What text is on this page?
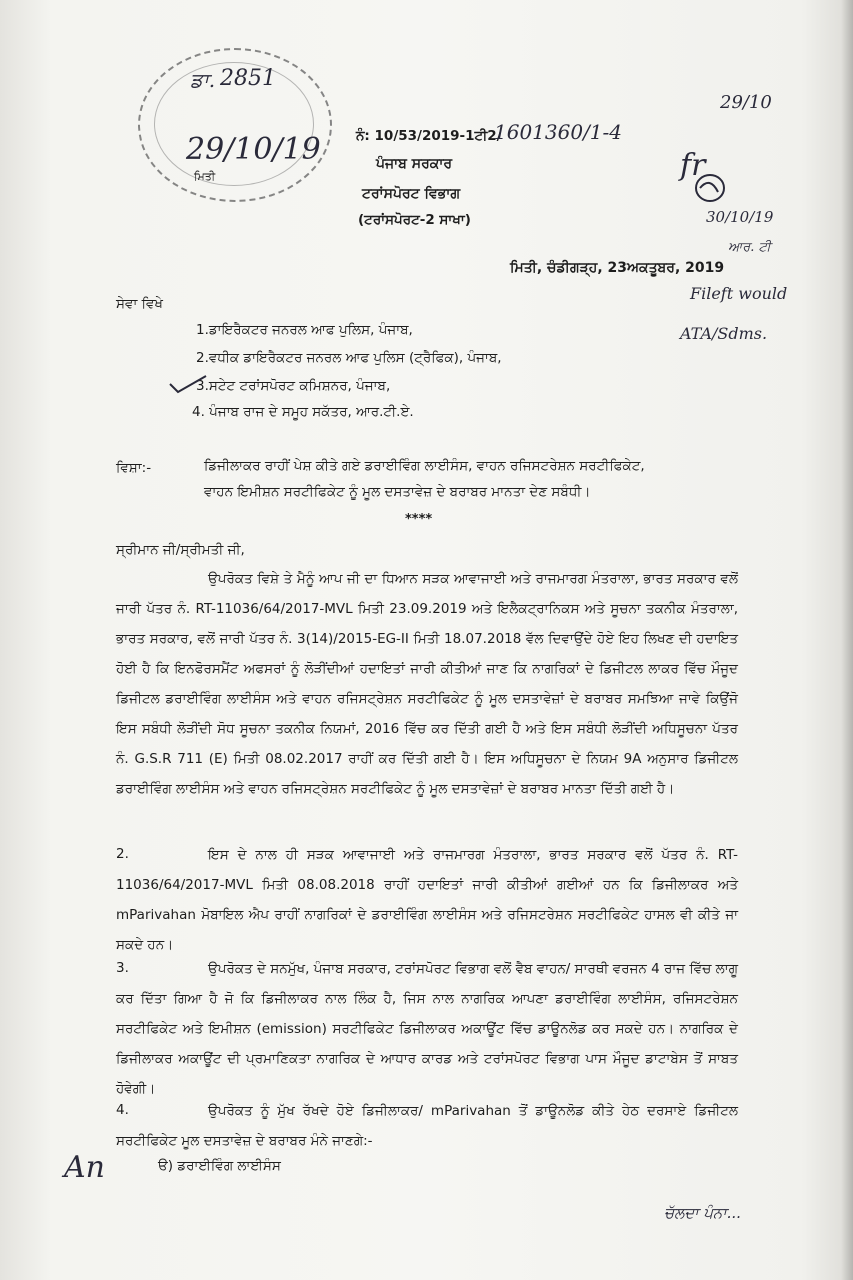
ਡਾ. 2851
29/10/19
ਮਿਤੀ
ਨੰ: 10/53/2019-1ਟੀ2/
1601360/1-4
ਪੰਜਾਬ ਸਰਕਾਰ
ਟਰਾਂਸਪੋਰਟ ਵਿਭਾਗ
(ਟਰਾਂਸਪੋਰਟ-2 ਸਾਖਾ)
29/10
fr
30/10/19
ਆਰ. ਟੀ
Fileft would
ATA/Sdms.
ਮਿਤੀ, ਚੰਡੀਗੜ੍ਹ, 23ਅਕਤੂਬਰ, 2019
ਸੇਵਾ ਵਿਖੇ
1.ਡਾਇਰੈਕਟਰ ਜਨਰਲ ਆਫ ਪੁਲਿਸ, ਪੰਜਾਬ,
2.ਵਧੀਕ ਡਾਇਰੈਕਟਰ ਜਨਰਲ ਆਫ ਪੁਲਿਸ (ਟ੍ਰੈਫਿਕ), ਪੰਜਾਬ,
3.ਸਟੇਟ ਟਰਾਂਸਪੋਰਟ ਕਮਿਸ਼ਨਰ, ਪੰਜਾਬ,
4. ਪੰਜਾਬ ਰਾਜ ਦੇ ਸਮੂਹ ਸਕੱਤਰ, ਆਰ.ਟੀ.ਏ.
ਵਿਸ਼ਾ:-	ਡਿਜੀਲਾਕਰ ਰਾਹੀਂ ਪੇਸ਼ ਕੀਤੇ ਗਏ ਡਰਾਈਵਿੰਗ ਲਾਈਸੰਸ, ਵਾਹਨ ਰਜਿਸਟਰੇਸ਼ਨ ਸਰਟੀਫਿਕੇਟ,
ਵਾਹਨ ਇਮੀਸ਼ਨ ਸਰਟੀਫਿਕੇਟ ਨੂੰ ਮੂਲ ਦਸਤਾਵੇਜ਼ ਦੇ ਬਰਾਬਰ ਮਾਨਤਾ ਦੇਣ ਸਬੰਧੀ।
****
ਸ੍ਰੀਮਾਨ ਜੀ/ਸ੍ਰੀਮਤੀ ਜੀ,
ਉਪਰੋਕਤ ਵਿਸ਼ੇ ਤੇ ਮੈਨੂੰ ਆਪ ਜੀ ਦਾ ਧਿਆਨ ਸੜਕ ਆਵਾਜਾਈ ਅਤੇ ਰਾਜਮਾਰਗ ਮੰਤਰਾਲਾ, ਭਾਰਤ ਸਰਕਾਰ ਵਲੋਂ ਜਾਰੀ ਪੱਤਰ ਨੰ. RT-11036/64/2017-MVL ਮਿਤੀ 23.09.2019 ਅਤੇ ਇਲੈਕਟ੍ਰਾਨਿਕਸ ਅਤੇ ਸੂਚਨਾ ਤਕਨੀਕ ਮੰਤਰਾਲਾ, ਭਾਰਤ ਸਰਕਾਰ, ਵਲੋਂ ਜਾਰੀ ਪੱਤਰ ਨੰ. 3(14)/2015-EG-II ਮਿਤੀ 18.07.2018 ਵੱਲ ਦਿਵਾਉਂਦੇ ਹੋਏ ਇਹ ਲਿਖਣ ਦੀ ਹਦਾਇਤ ਹੋਈ ਹੈ ਕਿ ਇਨਫੋਰਸਮੈਂਟ ਅਫਸਰਾਂ ਨੂੰ ਲੋੜੀਂਦੀਆਂ ਹਦਾਇਤਾਂ ਜਾਰੀ ਕੀਤੀਆਂ ਜਾਣ ਕਿ ਨਾਗਰਿਕਾਂ ਦੇ ਡਿਜੀਟਲ ਲਾਕਰ ਵਿੱਚ ਮੌਜੂਦ ਡਿਜੀਟਲ ਡਰਾਈਵਿੰਗ ਲਾਈਸੰਸ ਅਤੇ ਵਾਹਨ ਰਜਿਸਟ੍ਰੇਸ਼ਨ ਸਰਟੀਫਿਕੇਟ ਨੂੰ ਮੂਲ ਦਸਤਾਵੇਜ਼ਾਂ ਦੇ ਬਰਾਬਰ ਸਮਝਿਆ ਜਾਵੇ ਕਿਉਂਜੋ ਇਸ ਸਬੰਧੀ ਲੋੜੀਂਦੀ ਸੋਧ ਸੂਚਨਾ ਤਕਨੀਕ ਨਿਯਮਾਂ, 2016 ਵਿੱਚ ਕਰ ਦਿੱਤੀ ਗਈ ਹੈ ਅਤੇ ਇਸ ਸਬੰਧੀ ਲੋੜੀਂਦੀ ਅਧਿਸੂਚਨਾ ਪੱਤਰ ਨੰ. G.S.R 711 (E) ਮਿਤੀ 08.02.2017 ਰਾਹੀਂ ਕਰ ਦਿੱਤੀ ਗਈ ਹੈ। ਇਸ ਅਧਿਸੂਚਨਾ ਦੇ ਨਿਯਮ 9A ਅਨੁਸਾਰ ਡਿਜੀਟਲ ਡਰਾਈਵਿੰਗ ਲਾਈਸੰਸ ਅਤੇ ਵਾਹਨ ਰਜਿਸਟ੍ਰੇਸ਼ਨ ਸਰਟੀਫਿਕੇਟ ਨੂੰ ਮੂਲ ਦਸਤਾਵੇਜ਼ਾਂ ਦੇ ਬਰਾਬਰ ਮਾਨਤਾ ਦਿੱਤੀ ਗਈ ਹੈ।
2.	ਇਸ ਦੇ ਨਾਲ ਹੀ ਸੜਕ ਆਵਾਜਾਈ ਅਤੇ ਰਾਜਮਾਰਗ ਮੰਤਰਾਲਾ, ਭਾਰਤ ਸਰਕਾਰ ਵਲੋਂ ਪੱਤਰ ਨੰ. RT-11036/64/2017-MVL ਮਿਤੀ 08.08.2018 ਰਾਹੀਂ ਹਦਾਇਤਾਂ ਜਾਰੀ ਕੀਤੀਆਂ ਗਈਆਂ ਹਨ ਕਿ ਡਿਜੀਲਾਕਰ ਅਤੇ mParivahan ਮੋਬਾਇਲ ਐਪ ਰਾਹੀਂ ਨਾਗਰਿਕਾਂ ਦੇ ਡਰਾਈਵਿੰਗ ਲਾਈਸੰਸ ਅਤੇ ਰਜਿਸਟਰੇਸ਼ਨ ਸਰਟੀਫਿਕੇਟ ਹਾਸਲ ਵੀ ਕੀਤੇ ਜਾ ਸਕਦੇ ਹਨ।
3.	ਉਪਰੋਕਤ ਦੇ ਸਨਮੁੱਖ, ਪੰਜਾਬ ਸਰਕਾਰ, ਟਰਾਂਸਪੋਰਟ ਵਿਭਾਗ ਵਲੋਂ ਵੈਬ ਵਾਹਨ/ ਸਾਰਥੀ ਵਰਜਨ 4 ਰਾਜ ਵਿੱਚ ਲਾਗੂ ਕਰ ਦਿੱਤਾ ਗਿਆ ਹੈ ਜੋ ਕਿ ਡਿਜੀਲਾਕਰ ਨਾਲ ਲਿੰਕ ਹੈ, ਜਿਸ ਨਾਲ ਨਾਗਰਿਕ ਆਪਣਾ ਡਰਾਈਵਿੰਗ ਲਾਈਸੰਸ, ਰਜਿਸਟਰੇਸ਼ਨ ਸਰਟੀਫਿਕੇਟ ਅਤੇ ਇਮੀਸ਼ਨ (emission) ਸਰਟੀਫਿਕੇਟ ਡਿਜੀਲਾਕਰ ਅਕਾਊਂਟ ਵਿੱਚ ਡਾਊਨਲੋਡ ਕਰ ਸਕਦੇ ਹਨ। ਨਾਗਰਿਕ ਦੇ ਡਿਜੀਲਾਕਰ ਅਕਾਊਂਟ ਦੀ ਪ੍ਰਮਾਣਿਕਤਾ ਨਾਗਰਿਕ ਦੇ ਆਧਾਰ ਕਾਰਡ ਅਤੇ ਟਰਾਂਸਪੋਰਟ ਵਿਭਾਗ ਪਾਸ ਮੌਜੂਦ ਡਾਟਾਬੇਸ ਤੋਂ ਸਾਬਤ ਹੋਵੇਗੀ।
4.	ਉਪਰੋਕਤ ਨੂੰ ਮੁੱਖ ਰੱਖਦੇ ਹੋਏ ਡਿਜੀਲਾਕਰ/ mParivahan ਤੋਂ ਡਾਊਨਲੋਡ ਕੀਤੇ ਹੇਠ ਦਰਸਾਏ ਡਿਜੀਟਲ ਸਰਟੀਫਿਕੇਟ ਮੂਲ ਦਸਤਾਵੇਜ਼ ਦੇ ਬਰਾਬਰ ਮੰਨੇ ਜਾਣਗੇ:-
ੳ) ਡਰਾਈਵਿੰਗ ਲਾਈਸੰਸ
An
ਚੱਲਦਾ ਪੰਨਾ...
